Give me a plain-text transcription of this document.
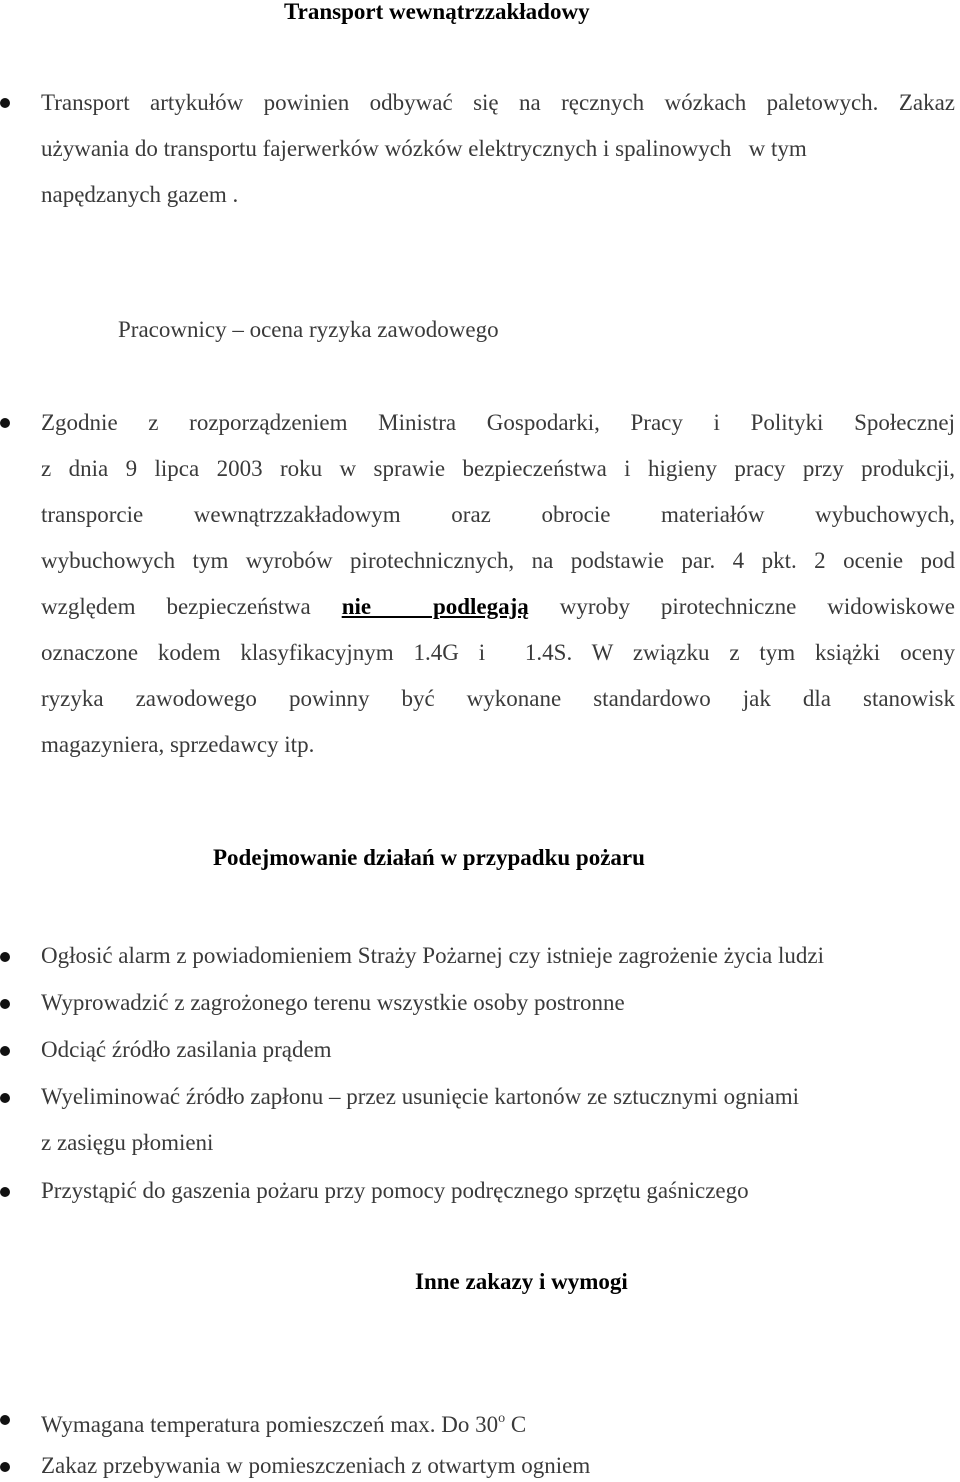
Transport wewnątrzzakładowy
Transport artykułów powinien odbywać się na ręcznych wózkach paletowych. Zakaz
używania do transportu fajerwerków wózków elektrycznych i spalinowych   w tym
napędzanych gazem .
Pracownicy – ocena ryzyka zawodowego
Zgodnie z rozporządzeniem Ministra Gospodarki, Pracy i Polityki Społecznej
z dnia 9 lipca 2003 roku w sprawie bezpieczeństwa i higieny pracy przy produkcji,
transporcie wewnątrzzakładowym oraz obrocie materiałów wybuchowych,
wybuchowych tym wyrobów pirotechnicznych, na podstawie par. 4 pkt. 2 ocenie pod
względem bezpieczeństwa nie  podlegają wyroby pirotechniczne widowiskowe
oznaczone kodem klasyfikacyjnym 1.4G i  1.4S. W związku z tym książki oceny
ryzyka zawodowego powinny być wykonane standardowo jak dla stanowisk
magazyniera, sprzedawcy itp.
Podejmowanie działań w przypadku pożaru
Ogłosić alarm z powiadomieniem Straży Pożarnej czy istnieje zagrożenie życia ludzi
Wyprowadzić z zagrożonego terenu wszystkie osoby postronne
Odciąć źródło zasilania prądem
Wyeliminować źródło zapłonu – przez usunięcie kartonów ze sztucznymi ogniami
z zasięgu płomieni
Przystąpić do gaszenia pożaru przy pomocy podręcznego sprzętu gaśniczego
Inne zakazy i wymogi
Wymagana temperatura pomieszczeń max. Do 30$^o$ C
Zakaz przebywania w pomieszczeniach z otwartym ogniem
